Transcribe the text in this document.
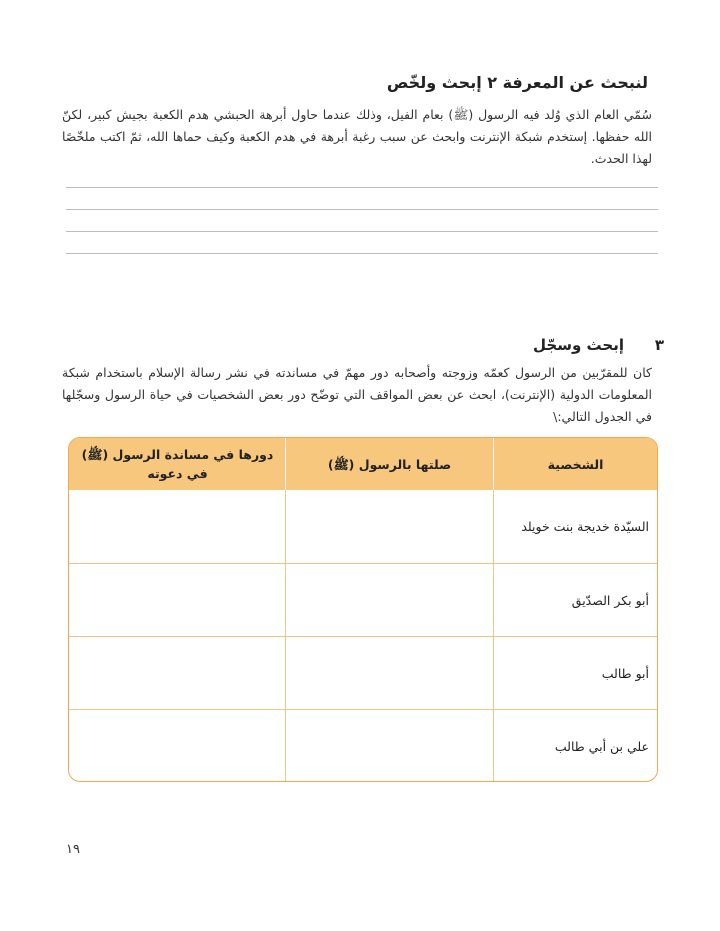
لنبحث عن المعرفة ٢ إبحث ولخّص
سُمّي العام الذي وُلد فيه الرسول (ﷺ) بعام الفيل، وذلك عندما حاول أبرهة الحبشي هدم الكعبة بجيش كبير، لكنّ الله حفظها. إستخدم شبكة الإنترنت وابحث عن سبب رغبة أبرهة في هدم الكعبة وكيف حماها الله، ثمّ اكتب ملخّصًا لهذا الحدث.
٣
إبحث وسجّل
كان للمقرّبين من الرسول كعمّه وزوجته وأصحابه دور مهمّ في مساندته في نشر رسالة الإسلام باستخدام شبكة المعلومات الدولية (الإنترنت)، ابحث عن بعض المواقف التي توضّح دور بعض الشخصيات في حياة الرسول وسجّلها في الجدول التالي:\
الشخصية
صلتها بالرسول (ﷺ)
دورها في مساندة الرسول (ﷺ) في دعوته
السيّدة خديجة بنت خويلد
أبو بكر الصدّيق
أبو طالب
علي بن أبي طالب
١٩
